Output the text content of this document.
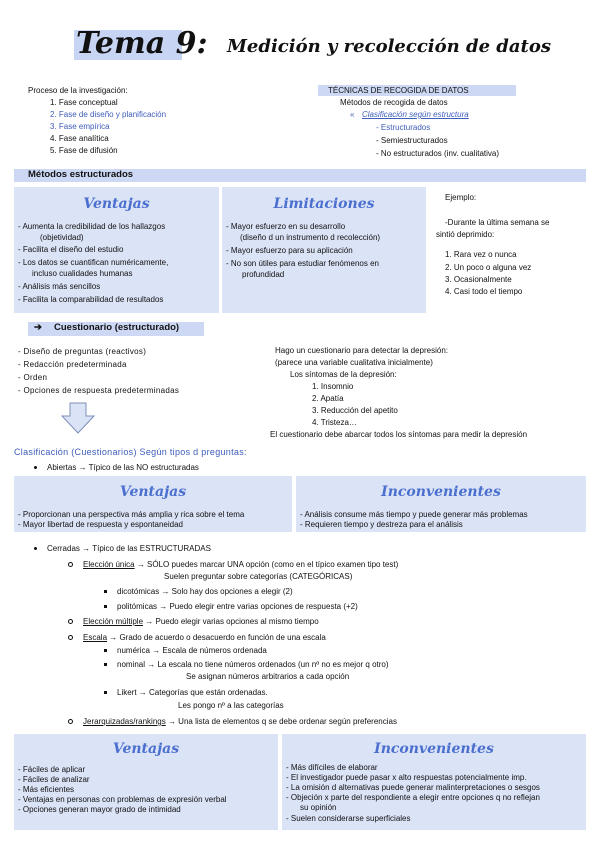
Tema 9: Medición y recolección de datos
Proceso de la investigación:
1. Fase conceptual
2. Fase de diseño y planificación
3. Fase empírica
4. Fase analítica
5. Fase de difusión
TÉCNICAS DE RECOGIDA DE DATOS
Métodos de recogida de datos
« Clasificación según estructura
- Estructurados
- Semiestructurados
- No estructurados (inv. cualitativa)
Métodos estructurados
Ventajas
- Aumenta la credibilidad de los hallazgos
(objetividad)
- Facilita el diseño del estudio
- Los datos se cuantifican numéricamente,
incluso cualidades humanas
- Análisis más sencillos
- Facilita la comparabilidad de resultados
Limitaciones
- Mayor esfuerzo en su desarrollo
(diseño d un instrumento d recolección)
- Mayor esfuerzo para su aplicación
- No son útiles para estudiar fenómenos en
profundidad
Ejemplo:
-Durante la última semana se
sintió deprimido:
1. Rara vez o nunca
2. Un poco o alguna vez
3. Ocasionalmente
4. Casi todo el tiempo
➔ Cuestionario (estructurado)
- Diseño de preguntas (reactivos)
- Redacción predeterminada
- Orden
- Opciones de respuesta predeterminadas
Hago un cuestionario para detectar la depresión:
(parece una variable cualitativa inicialmente)
Los síntomas de la depresión:
1. Insomnio
2. Apatía
3. Reducción del apetito
4. Tristeza…
El cuestionario debe abarcar todos los síntomas para medir la depresión
Clasificación (Cuestionarios) Según tipos d preguntas:
Abiertas → Típico de las NO estructuradas
Ventajas
- Proporcionan una perspectiva más amplia y rica sobre el tema
- Mayor libertad de respuesta y espontaneidad
Inconvenientes
- Análisis consume más tiempo y puede generar más problemas
- Requieren tiempo y destreza para el análisis
Cerradas → Típico de las ESTRUCTURADAS
Elección única → SÓLO puedes marcar UNA opción (como en el típico examen tipo test)
Suelen preguntar sobre categorías (CATEGÓRICAS)
dicotómicas → Solo hay dos opciones a elegir (2)
politómicas → Puedo elegir entre varias opciones de respuesta (+2)
Elección múltiple → Puedo elegir varias opciones al mismo tiempo
Escala → Grado de acuerdo o desacuerdo en función de una escala
numérica → Escala de números ordenada
nominal → La escala no tiene números ordenados (un nº no es mejor q otro)
Se asignan números arbitrarios a cada opción
Likert → Categorías que están ordenadas.
Les pongo nº a las categorías
Jerarquizadas/rankings → Una lista de elementos q se debe ordenar según preferencias
Ventajas
- Fáciles de aplicar
- Fáciles de analizar
- Más eficientes
- Ventajas en personas con problemas de expresión verbal
- Opciones generan mayor grado de intimidad
Inconvenientes
- Más difíciles de elaborar
- El investigador puede pasar x alto respuestas potencialmente imp.
- La omisión d alternativas puede generar malinterpretaciones o sesgos
- Objeción x parte del respondiente a elegir entre opciones q no reflejan
su opinión
- Suelen considerarse superficiales
